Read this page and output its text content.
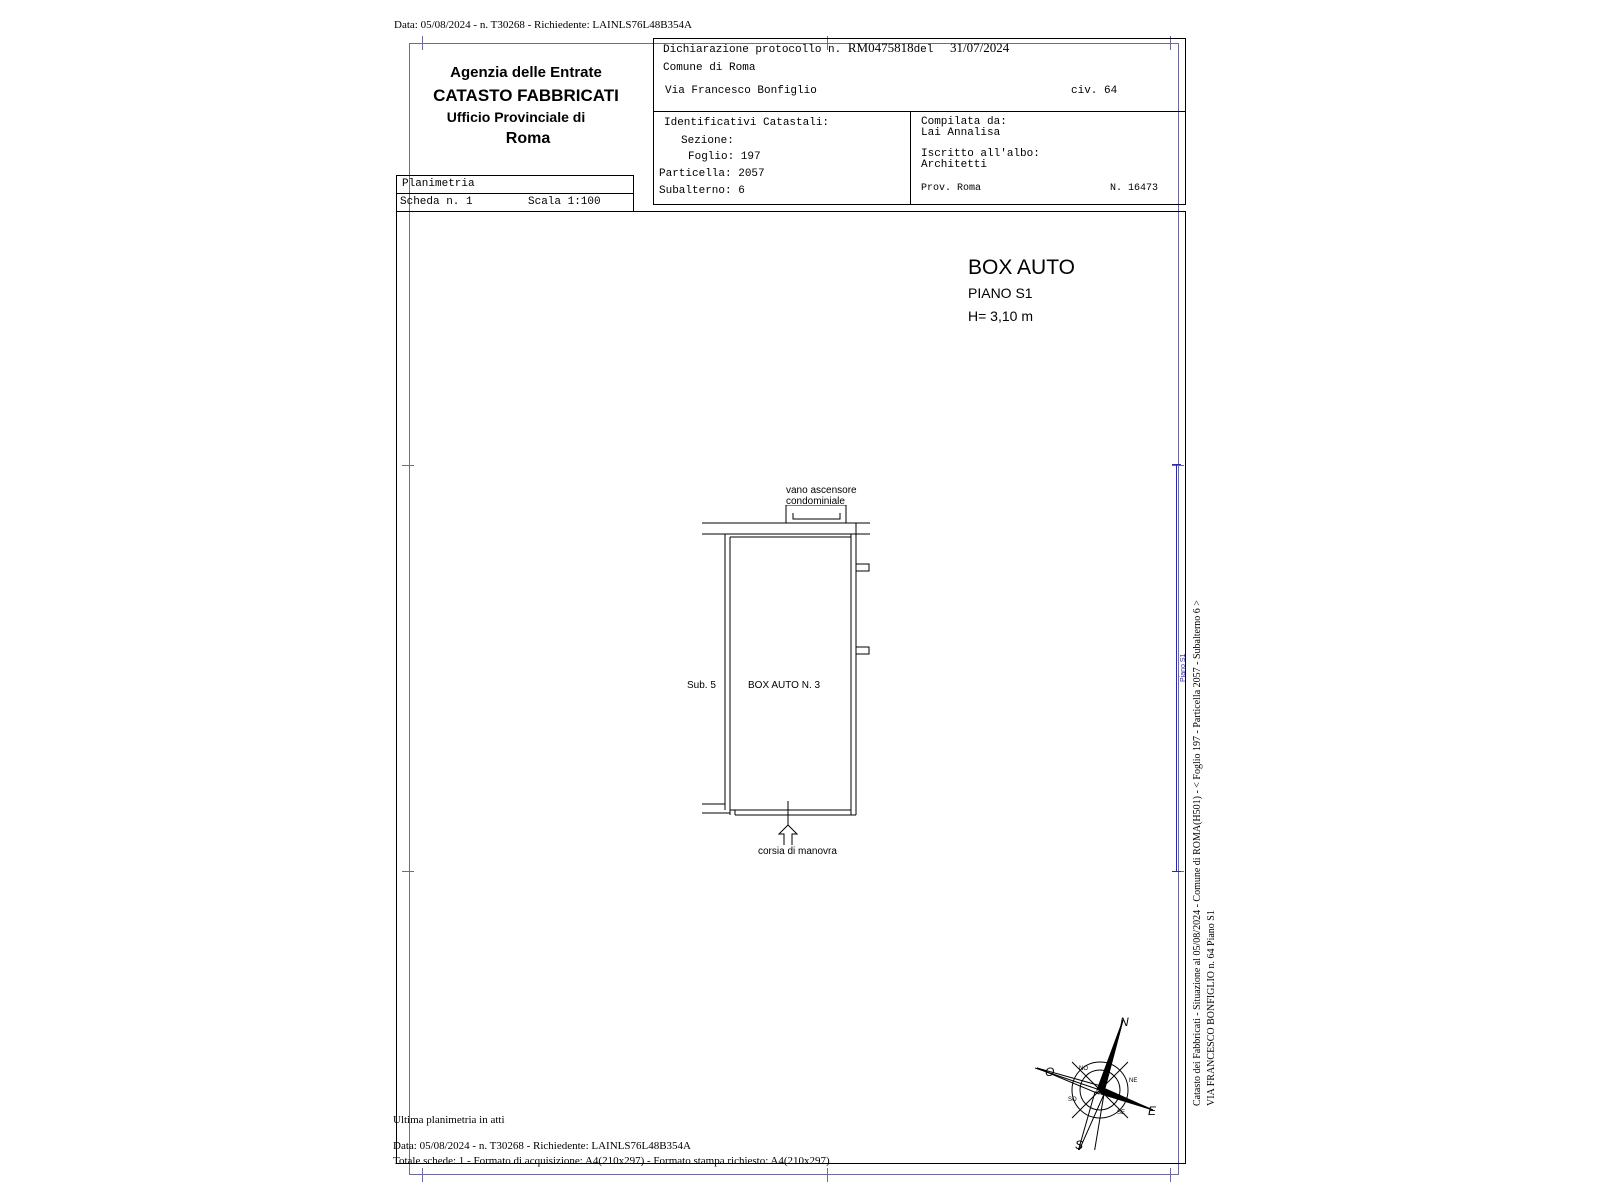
Data: 05/08/2024 - n. T30268 - Richiedente: LAINLS76L48B354A
Agenzia delle Entrate
CATASTO FABBRICATI
Ufficio Provinciale di
Roma
Dichiarazione protocollo n. RM0475818del 31/07/2024
Comune di Roma
Via Francesco Bonfiglio	civ. 64
Identificativi Catastali:
Sezione:
Foglio: 197
Particella: 2057
Subalterno: 6
Compilata da:
Lai Annalisa
Iscritto all'albo:
Architetti
Prov. Roma	N. 16473
Planimetria
Scheda n. 1	Scala 1:100
BOX AUTO
PIANO S1
H= 3,10 m
vano ascensore
condominiale
Sub. 5	BOX AUTO N. 3
corsia di manovra
Piano S1
N
S
E
O
NE
NO
SE
SO	Catasto dei Fabbricati - Situazione al 05/08/2024 - Comune di ROMA(H501) - < Foglio 197 - Particella 2057 - Subalterno 6 > VIA FRANCESCO BONFIGLIO n. 64 Piano S1
Ultima planimetria in atti
Data: 05/08/2024 - n. T30268 - Richiedente: LAINLS76L48B354A
Totale schede: 1 - Formato di acquisizione: A4(210x297) - Formato stampa richiesto: A4(210x297)
